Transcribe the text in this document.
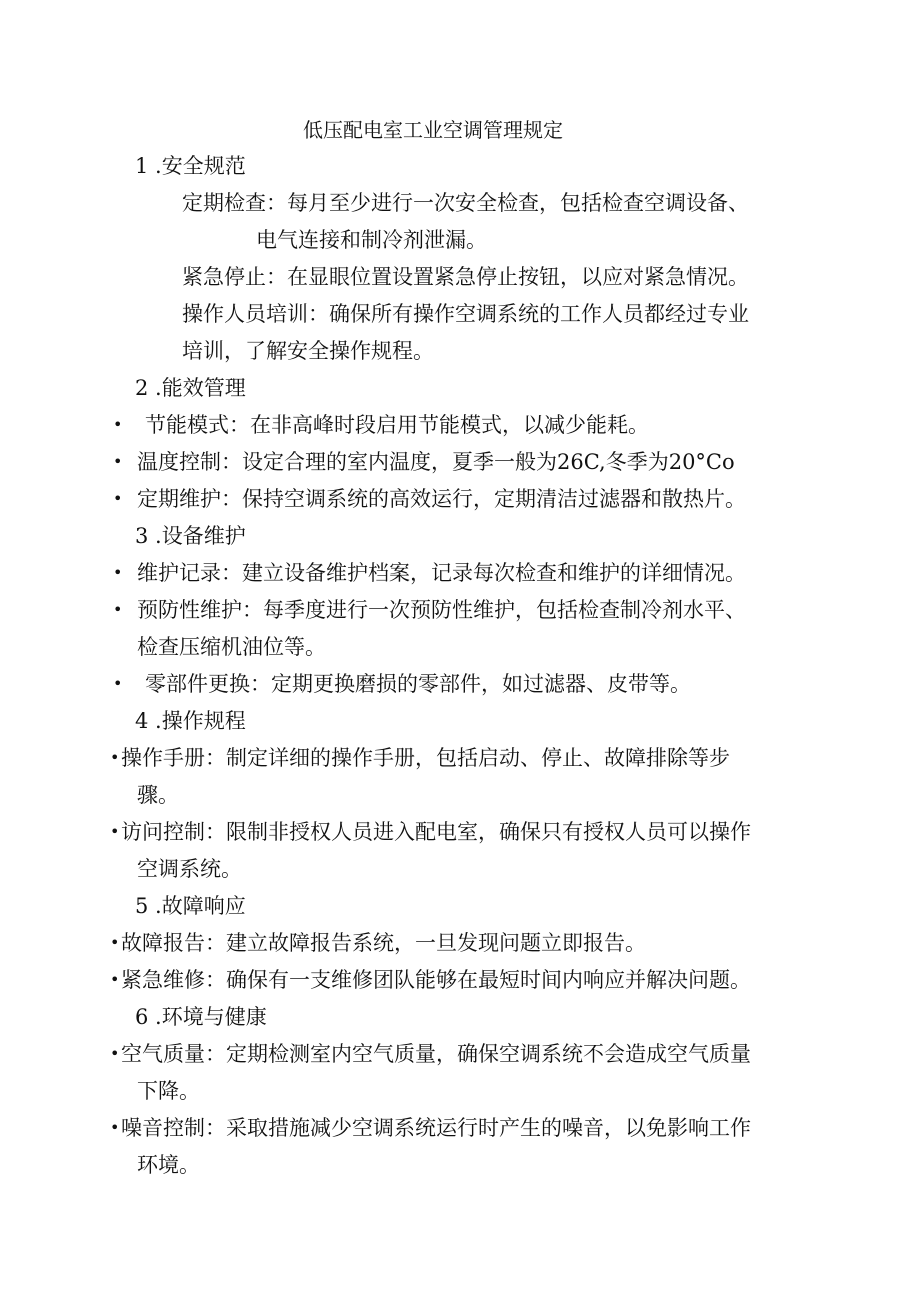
低压配电室工业空调管理规定
1 .安全规范
定期检查：每月至少进行一次安全检查，包括检查空调设备、
电气连接和制冷剂泄漏。
紧急停止：在显眼位置设置紧急停止按钮，以应对紧急情况。
操作人员培训：确保所有操作空调系统的工作人员都经过专业
培训，了解安全操作规程。
2 .能效管理
• 节能模式：在非高峰时段启用节能模式，以减少能耗。
• 温度控制：设定合理的室内温度，夏季一般为26C,冬季为20°Co
• 定期维护：保持空调系统的高效运行，定期清洁过滤器和散热片。
3 .设备维护
• 维护记录：建立设备维护档案，记录每次检查和维护的详细情况。
• 预防性维护：每季度进行一次预防性维护，包括检查制冷剂水平、
检查压缩机油位等。
• 零部件更换：定期更换磨损的零部件，如过滤器、皮带等。
4 .操作规程
• 操作手册：制定详细的操作手册，包括启动、停止、故障排除等步
骤。
• 访问控制：限制非授权人员进入配电室，确保只有授权人员可以操作
空调系统。
5 .故障响应
• 故障报告：建立故障报告系统，一旦发现问题立即报告。
• 紧急维修：确保有一支维修团队能够在最短时间内响应并解决问题。
6 .环境与健康
• 空气质量：定期检测室内空气质量，确保空调系统不会造成空气质量
下降。
• 噪音控制：采取措施减少空调系统运行时产生的噪音，以免影响工作
环境。
